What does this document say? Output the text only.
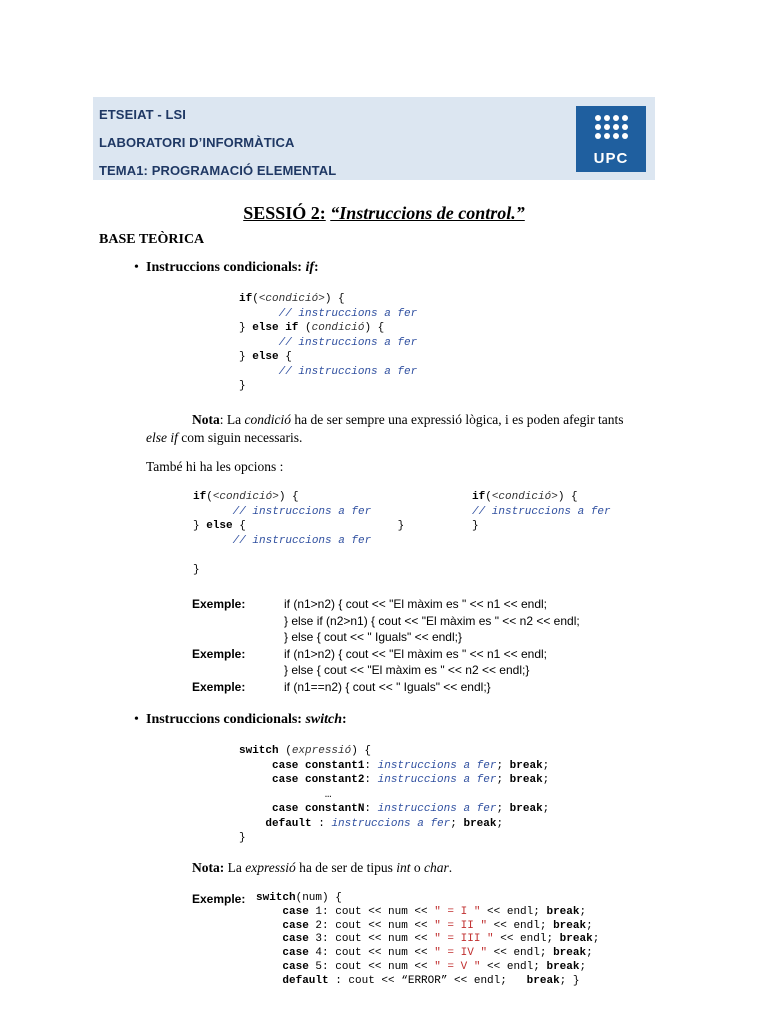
ETSEIAT - LSI
LABORATORI D’INFORMÀTICA
TEMA1: PROGRAMACIÓ ELEMENTAL
UPC
SESSIÓ 2: “Instruccions de control.”
BASE TEÒRICA
• Instruccions condicionals: if:
if(<condició>) {
// instruccions a fer
} else if (condició) {
// instruccions a fer
} else {
// instruccions a fer
}
Nota: La condició ha de ser sempre una expressió lògica, i es poden afegir tants
else if com siguin necessaris.
També hi ha les opcions :
if(<condició>) {
// instruccions a fer
} else {                       }
// instruccions a fer

}
if(<condició>) {
// instruccions a fer
}
Exemple:	if (n1>n2) { cout << "El màxim es " << n1 << endl;
} else if (n2>n1) { cout << "El màxim es " << n2 << endl;
} else { cout << " Iguals" << endl;}
Exemple:	if (n1>n2) { cout << "El màxim es " << n1 << endl;
} else { cout << "El màxim es " << n2 << endl;}
Exemple:	if (n1==n2) { cout << " Iguals" << endl;}
• Instruccions condicionals: switch:
switch (expressió) {
case constant1: instruccions a fer; break;
case constant2: instruccions a fer; break;
…
case constantN: instruccions a fer; break;
default : instruccions a fer; break;
}
Nota: La expressió ha de ser de tipus int o char.
Exemple: switch(num) {
case 1: cout << num << " = I " << endl; break;
case 2: cout << num << " = II " << endl; break;
case 3: cout << num << " = III " << endl; break;
case 4: cout << num << " = IV " << endl; break;
case 5: cout << num << " = V " << endl; break;
default : cout << “ERROR” << endl;   break; }
